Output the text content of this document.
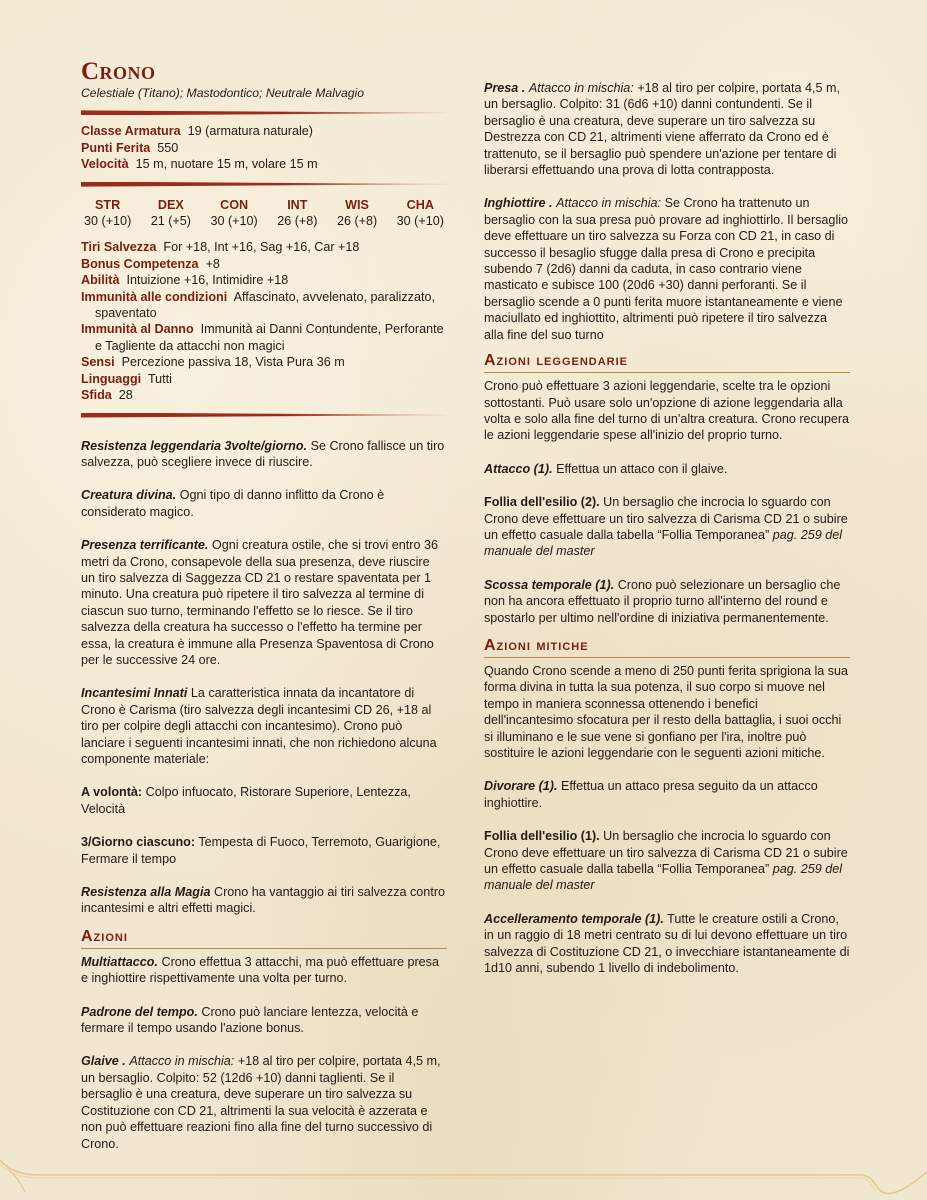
Crono
Celestiale (Titano); Mastodontico; Neutrale Malvagio

Classe Armatura 19 (armatura naturale)

Punti Ferita 550

Velocità 15 m, nuotare 15 m, volare 15 m

STR
30 (+10)
DEX
21 (+5)
CON
30 (+10)
INT
26 (+8)
WIS
26 (+8)
CHA
30 (+10)

Tiri Salvezza For +18, Int +16, Sag +16, Car +18

Bonus Competenza +8

Abilità Intuizione +16, Intimidire +18

Immunità alle condizioni Affascinato, avvelenato, paralizzato, spaventato

Immunità al Danno Immunità ai Danni Contundente, Perforante e Tagliente da attacchi non magici

Sensi Percezione passiva 18, Vista Pura 36 m

Linguaggi Tutti

Sfida 28

Resistenza leggendaria 3volte/giorno. Se Crono fallisce un tiro salvezza, può scegliere invece di riuscire.

Creatura divina. Ogni tipo di danno inflitto da Crono è considerato magico.

Presenza terrificante. Ogni creatura ostile, che si trovi entro 36 metri da Crono, consapevole della sua presenza, deve riuscire un tiro salvezza di Saggezza CD 21 o restare spaventata per 1 minuto. Una creatura può ripetere il tiro salvezza al termine di ciascun suo turno, terminando l'effetto se lo riesce. Se il tiro salvezza della creatura ha successo o l'effetto ha termine per essa, la creatura è immune alla Presenza Spaventosa di Crono per le successive 24 ore.

Incantesimi Innati La caratteristica innata da incantatore di Crono è Carisma (tiro salvezza degli incantesimi CD 26, +18 al tiro per colpire degli attacchi con incantesimo). Crono può lanciare i seguenti incantesimi innati, che non richiedono alcuna componente materiale:

A volontà: Colpo infuocato, Ristorare Superiore, Lentezza, Velocità

3/Giorno ciascuno: Tempesta di Fuoco, Terremoto, Guarigione, Fermare il tempo

Resistenza alla Magia Crono ha vantaggio ai tiri salvezza contro incantesimi e altri effetti magici.

Azioni

Multiattacco. Crono effettua 3 attacchi, ma può effettuare presa e inghiottire rispettivamente una volta per turno.

Padrone del tempo. Crono può lanciare lentezza, velocità e fermare il tempo usando l'azione bonus.

Glaive . Attacco in mischia: +18 al tiro per colpire, portata 4,5 m, un bersaglio. Colpito: 52 (12d6 +10) danni taglienti. Se il bersaglio è una creatura, deve superare un tiro salvezza su Costituzione con CD 21, altrimenti la sua velocità è azzerata e non può effettuare reazioni fino alla fine del turno successivo di Crono.

Presa . Attacco in mischia: +18 al tiro per colpire, portata 4,5 m, un bersaglio. Colpito: 31 (6d6 +10) danni contundenti. Se il bersaglio è una creatura, deve superare un tiro salvezza su Destrezza con CD 21, altrimenti viene afferrato da Crono ed è trattenuto, se il bersaglio può spendere un'azione per tentare di liberarsi effettuando una prova di lotta contrapposta.

Inghiottire . Attacco in mischia: Se Crono ha trattenuto un bersaglio con la sua presa può provare ad inghiottirlo. Il bersaglio deve effettuare un tiro salvezza su Forza con CD 21, in caso di successo il besaglio sfugge dalla presa di Crono e precipita subendo 7 (2d6) danni da caduta, in caso contrario viene masticato e subisce 100 (20d6 +30) danni perforanti. Se il bersaglio scende a 0 punti ferita muore istantaneamente e viene maciullato ed inghiottito, altrimenti può ripetere il tiro salvezza alla fine del suo turno

Azioni leggendarie

Crono può effettuare 3 azioni leggendarie, scelte tra le opzioni sottostanti. Può usare solo un'opzione di azione leggendaria alla volta e solo alla fine del turno di un'altra creatura. Crono recupera le azioni leggendarie spese all'inizio del proprio turno.

Attacco (1). Effettua un attaco con il glaive.

Follia dell'esilio (2). Un bersaglio che incrocia lo sguardo con Crono deve effettuare un tiro salvezza di Carisma CD 21 o subire un effetto casuale dalla tabella “Follia Temporanea” pag. 259 del manuale del master

Scossa temporale (1). Crono può selezionare un bersaglio che non ha ancora effettuato il proprio turno all'interno del round e spostarlo per ultimo nell'ordine di iniziativa permanentemente.

Azioni mitiche

Quando Crono scende a meno di 250 punti ferita sprigiona la sua forma divina in tutta la sua potenza, il suo corpo si muove nel tempo in maniera sconnessa ottenendo i benefici dell'incantesimo sfocatura per il resto della battaglia, i suoi occhi si illuminano e le sue vene si gonfiano per l'ira, inoltre può sostituire le azioni leggendarie con le seguenti azioni mitiche.

Divorare (1). Effettua un attaco presa seguito da un attacco inghiottire.

Follia dell'esilio (1). Un bersaglio che incrocia lo sguardo con Crono deve effettuare un tiro salvezza di Carisma CD 21 o subire un effetto casuale dalla tabella “Follia Temporanea” pag. 259 del manuale del master

Accelleramento temporale (1). Tutte le creature ostili a Crono, in un raggio di 18 metri centrato su di lui devono effettuare un tiro salvezza di Costituzione CD 21, o invecchiare istantaneamente di 1d10 anni, subendo 1 livello di indebolimento.
